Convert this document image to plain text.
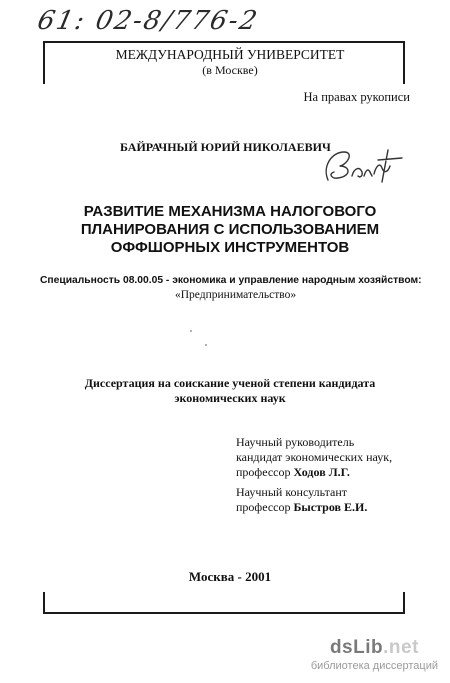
61: 02-8/776-2
МЕЖДУНАРОДНЫЙ УНИВЕРСИТЕТ
(в Москве)
На правах рукописи
БАЙРАЧНЫЙ ЮРИЙ НИКОЛАЕВИЧ
РАЗВИТИЕ МЕХАНИЗМА НАЛОГОВОГО
ПЛАНИРОВАНИЯ С ИСПОЛЬЗОВАНИЕМ
ОФФШОРНЫХ ИНСТРУМЕНТОВ
Специальность 08.00.05 - экономика и управление народным хозяйством:
«Предпринимательство»
Диссертация на соискание ученой степени кандидата
экономических наук
Научный руководитель
кандидат экономических наук,
профессор Ходов Л.Г.
Научный консультант
профессор Быстров Е.И.
Москва - 2001
dsLib.net
библиотека диссертаций
